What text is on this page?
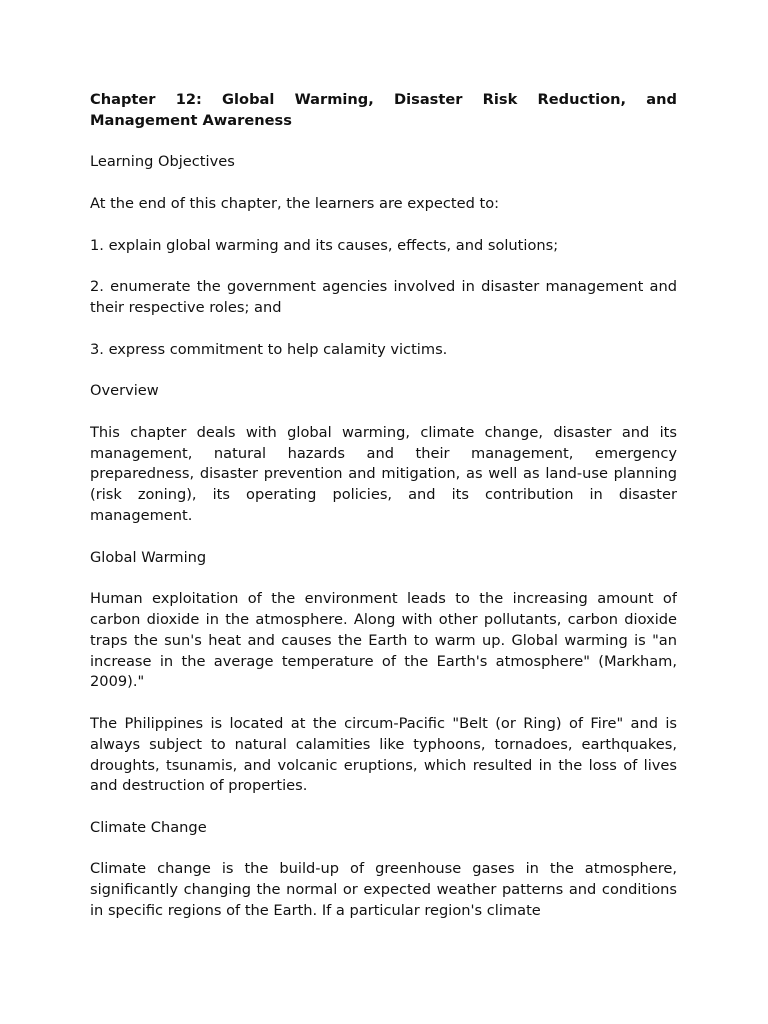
Chapter 12: Global Warming, Disaster Risk Reduction, and Management Awareness

Learning Objectives

At the end of this chapter, the learners are expected to:

1. explain global warming and its causes, effects, and solutions;

2. enumerate the government agencies involved in disaster management and their respective roles; and

3. express commitment to help calamity victims.

Overview

This chapter deals with global warming, climate change, disaster and its management, natural hazards and their management, emergency preparedness, disaster prevention and mitigation, as well as land-use planning (risk zoning), its operating policies, and its contribution in disaster management.

Global Warming

Human exploitation of the environment leads to the increasing amount of carbon dioxide in the atmosphere. Along with other pollutants, carbon dioxide traps the sun's heat and causes the Earth to warm up. Global warming is "an increase in the average temperature of the Earth's atmosphere" (Markham, 2009)."

The Philippines is located at the circum-Pacific "Belt (or Ring) of Fire" and is always subject to natural calamities like typhoons, tornadoes, earthquakes, droughts, tsunamis, and volcanic eruptions, which resulted in the loss of lives and destruction of properties.

Climate Change

Climate change is the build-up of greenhouse gases in the atmosphere, significantly changing the normal or expected weather patterns and conditions in specific regions of the Earth. If a particular region's climate
